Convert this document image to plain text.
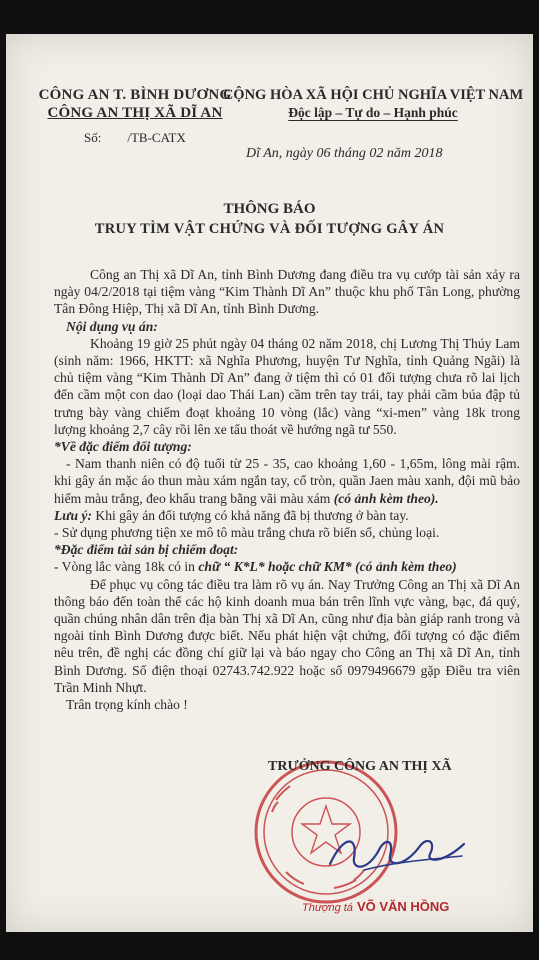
CÔNG AN T. BÌNH DƯƠNG
CÔNG AN THỊ XÃ DĨ AN
CỘNG HÒA XÃ HỘI CHỦ NGHĨA VIỆT NAM
Độc lập – Tự do – Hạnh phúc
Số: /TB-CATX
Dĩ An, ngày 06 tháng 02 năm 2018
THÔNG BÁO
TRUY TÌM VẬT CHỨNG VÀ ĐỐI TƯỢNG GÂY ÁN

Công an Thị xã Dĩ An, tỉnh Bình Dương đang điều tra vụ cướp tài sản xảy ra ngày 04/2/2018 tại tiệm vàng “Kim Thành Dĩ An” thuộc khu phố Tân Long, phường Tân Đông Hiệp, Thị xã Dĩ An, tỉnh Bình Dương.

Nội dụng vụ án:

Khoảng 19 giờ 25 phút ngày 04 tháng 02 năm 2018, chị Lương Thị Thúy Lam (sinh năm: 1966, HKTT: xã Nghĩa Phương, huyện Tư Nghĩa, tỉnh Quảng Ngãi) là chủ tiệm vàng “Kim Thành Dĩ An” đang ở tiệm thì có 01 đối tượng chưa rõ lai lịch đến cầm một con dao (loại dao Thái Lan) cầm trên tay trái, tay phải cầm búa đập tủ trưng bày vàng chiếm đoạt khoảng 10 vòng (lắc) vàng “xi-men” vàng 18k trong lượng khoảng 2,7 cây rồi lên xe tẩu thoát về hướng ngã tư 550.

*Về đặc điểm đối tượng:

- Nam thanh niên có độ tuổi từ 25 - 35, cao khoảng 1,60 - 1,65m, lông mài rậm. khi gây án mặc áo thun màu xám ngắn tay, cổ tròn, quần Jaen màu xanh, đội mũ bảo hiểm màu trắng, đeo khẩu trang bằng vãi màu xám (có ảnh kèm theo).

Lưu ý: Khi gây án đối tượng có khả năng đã bị thương ở bàn tay.

- Sử dụng phương tiện xe mô tô màu trắng chưa rõ biển số, chủng loại.

*Đặc điểm tài sản bị chiếm đoạt:

- Vòng lắc vàng 18k có in chữ “ K*L* hoặc chữ KM* (có ảnh kèm theo)

Để phục vụ công tác điều tra làm rõ vụ án. Nay Trưởng Công an Thị xã Dĩ An thông báo đến toàn thể các hộ kinh doanh mua bán trên lĩnh vực vàng, bạc, đá quý, quần chúng nhân dân trên địa bàn Thị xã Dĩ An, cũng như địa bàn giáp ranh trong và ngoài tỉnh Bình Dương được biết. Nếu phát hiện vật chứng, đối tượng có đặc điểm nêu trên, đề nghị các đồng chí giữ lại và báo ngay cho Công an Thị xã Dĩ An, tỉnh Bình Dương. Số điện thoại 02743.742.922 hoặc số 0979496679 gặp Điều tra viên Trần Minh Nhựt.

Trân trọng kính chào !

TRƯỞNG CÔNG AN THỊ XÃ
Thượng tá VÕ VĂN HỒNG
